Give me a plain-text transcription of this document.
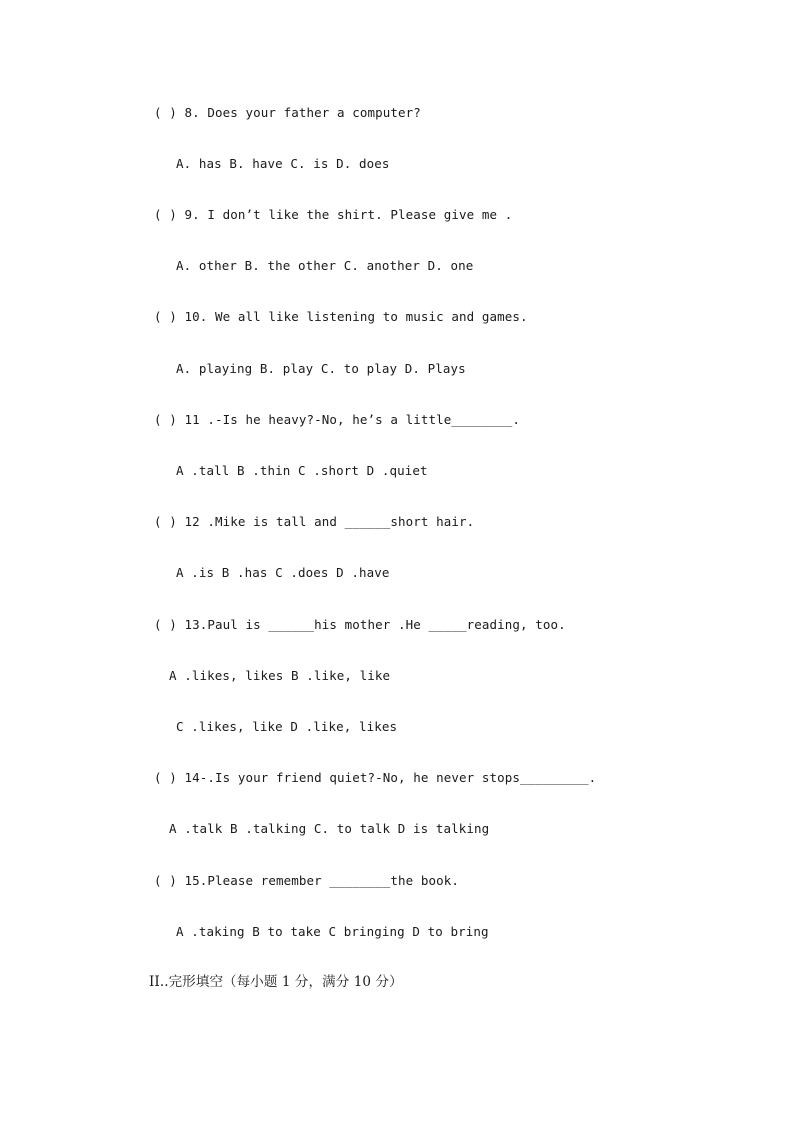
( ) 8. Does your father a computer?
A. has B. have C. is D. does
( ) 9. I don’t like the shirt. Please give me .
A. other B. the other C. another D. one
( ) 10. We all like listening to music and games.
A. playing B. play C. to play D. Plays
( ) 11 .-Is he heavy?-No, he’s a little________.
A .tall B .thin C .short D .quiet
( ) 12 .Mike is tall and ______short hair.
A .is B .has C .does D .have
( ) 13.Paul is ______his mother .He _____reading, too.
A .likes, likes B .like, like
C .likes, like D .like, likes
( ) 14-.Is your friend quiet?-No, he never stops_________.
A .talk B .talking C. to talk D is talking
( ) 15.Please remember ________the book.
A .taking B to take C bringing D to bring
II..完形填空（每小题 1 分，满分 10 分）
